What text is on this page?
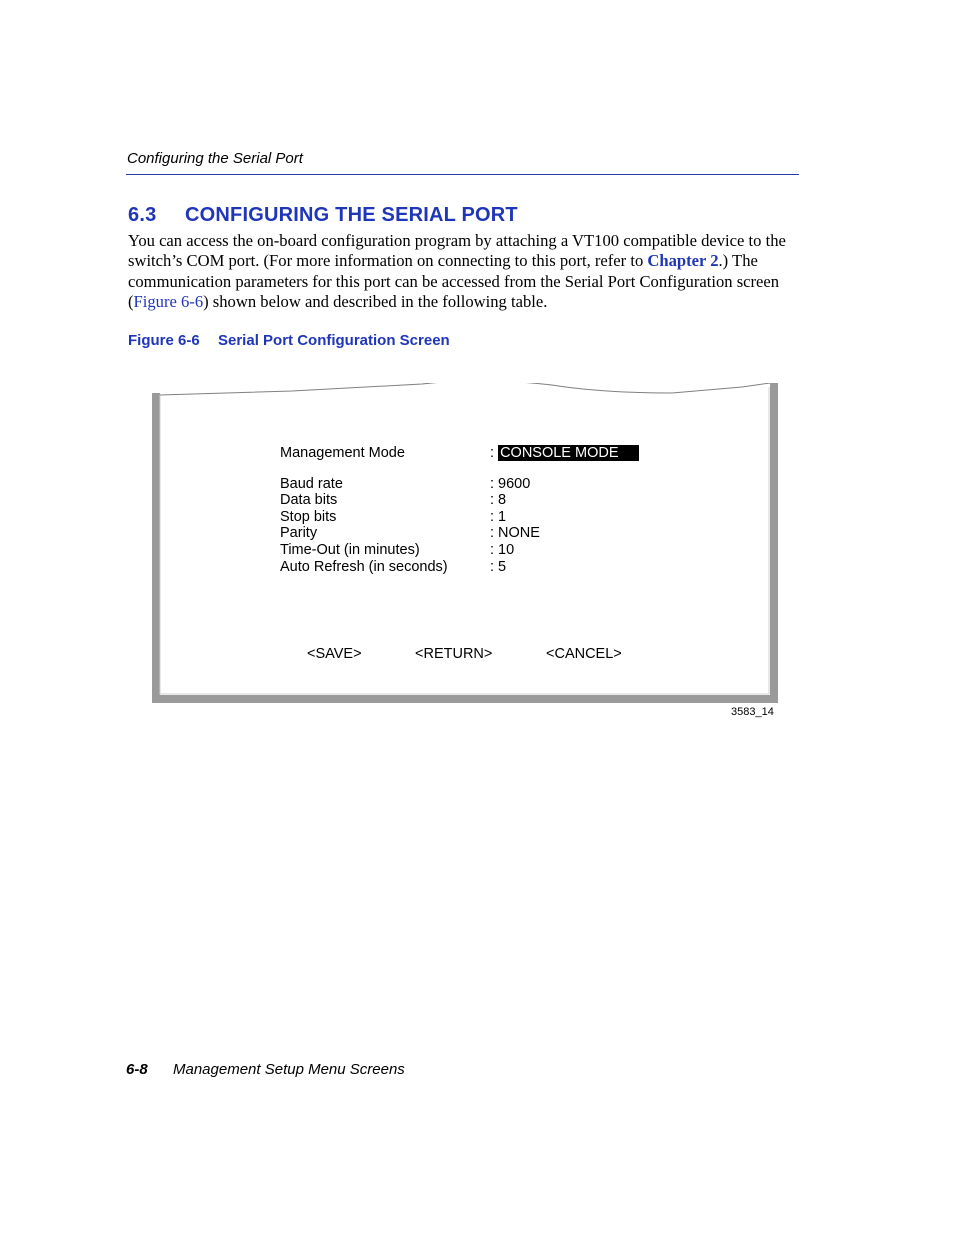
Configuring the Serial Port
6.3 CONFIGURING THE SERIAL PORT
You can access the on-board configuration program by attaching a VT100 compatible device to the switch’s COM port. (For more information on connecting to this port, refer to Chapter 2.) The communication parameters for this port can be accessed from the Serial Port Configuration screen (Figure 6-6) shown below and described in the following table.
Figure 6-6 Serial Port Configuration Screen
Management Mode	: CONSOLE MODE
Baud rate	: 9600
Data bits	: 8
Stop bits	: 1
Parity	: NONE
Time-Out (in minutes)	: 10
Auto Refresh (in seconds)	: 5
<SAVE>	<RETURN>	<CANCEL>
3583_14
6-8 Management Setup Menu Screens
